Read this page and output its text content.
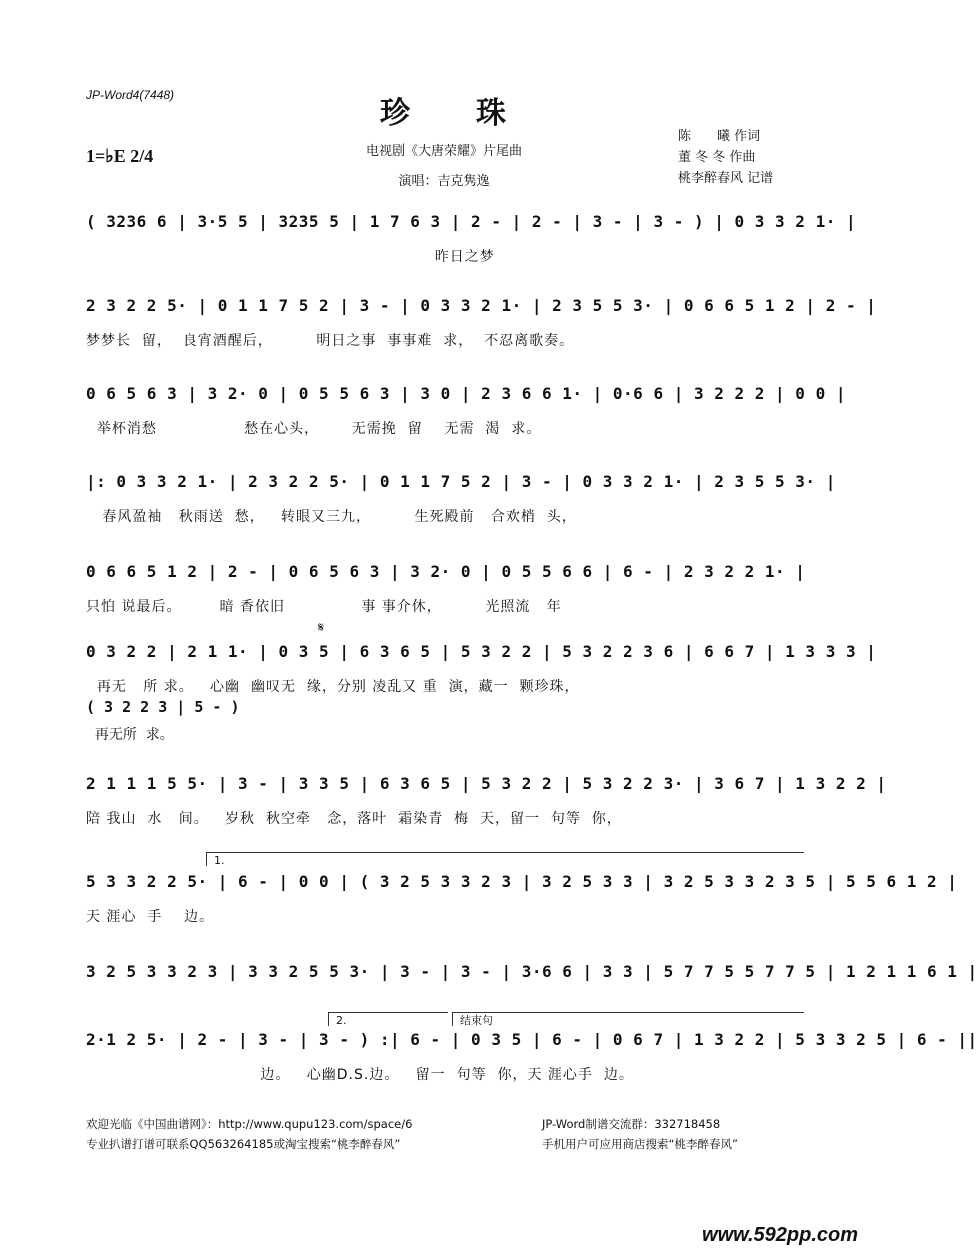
JP-Word4(7448)
珍　　珠
1=♭E 2/4	电视剧《大唐荣耀》片尾曲
演唱：吉克隽逸
陈　　曦 作词
董 冬 冬 作曲
桃李醉春风 记谱
( 3236 6 | 3·5 5 | 3235 5 | 1 7 6 3 | 2 - | 2 - | 3 - | 3 - ) | 0 3 3 2 1· |
昨日之梦
2 3 2 2 5· | 0 1 1 7 5 2 | 3 - | 0 3 3 2 1· | 2 3 5 5 3· | 0 6 6 5 1 2 | 2 - |
梦梦长  留，  良宵酒醒后，        明日之事  事事难  求，  不忍离歌奏。
0 6 5 6 3 | 3 2· 0 | 0 5 5 6 3 | 3 0 | 2 3 6 6 1· | 0·6 6 | 3 2 2 2 | 0 0 |
举杯消愁                愁在心头，      无需挽  留    无需  渴  求。
|: 0 3 3 2 1· | 2 3 2 2 5· | 0 1 1 7 5 2 | 3 - | 0 3 3 2 1· | 2 3 5 5 3· |
春风盈袖   秋雨送  愁，   转眼又三九，        生死殿前   合欢梢  头，
0 6 6 5 1 2 | 2 - | 0 6 5 6 3 | 3 2· 0 | 0 5 5 6 6 | 6 - | 2 3 2 2 1· |
只怕 说最后。       暗 香依旧              事 事介休，        光照流   年
𝄋
0 3 2 2 | 2 1 1· | 0 3 5 | 6 3 6 5 | 5 3 2 2 | 5 3 2 2 3 6 | 6 6 7 | 1 3 3 3 |
再无   所 求。   心幽  幽叹无  缘，分别 凌乱又 重  演，藏一  颗珍珠，
( 3 2 2 3 | 5 - )
再无所  求。
2 1 1 1 5 5· | 3 - | 3 3 5 | 6 3 6 5 | 5 3 2 2 | 5 3 2 2 3· | 3 6 7 | 1 3 2 2 |
陪 我山  水   间。   岁秋  秋空牵   念，落叶  霜染青  梅  天，留一  句等  你，
1.
5 3 3 2 2 5· | 6 - | 0 0 | ( 3 2 5 3 3 2 3 | 3 2 5 3 3 | 3 2 5 3 3 2 3 5 | 5 5 6 1 2 |
天 涯心  手    边。
3 2 5 3 3 2 3 | 3 3 2 5 5 3· | 3 - | 3 - | 3·6 6 | 3 3 | 5 7 7 5 5 7 7 5 | 1 2 1 1 6 1 |
2.	结束句
2·1 2 5· | 2 - | 3 - | 3 - ) :| 6 - | 0 3 5 | 6 - | 0 6 7 | 1 3 2 2 | 5 3 3 2 5 | 6 - ||
边。   心幽D.S.边。   留一  句等  你，天 涯心手  边。
欢迎光临《中国曲谱网》：http://www.qupu123.com/space/6
专业扒谱打谱可联系QQ563264185或淘宝搜索“桃李醉春风”
JP-Word制谱交流群：332718458
手机用户可应用商店搜索“桃李醉春风”
www.592pp.com
